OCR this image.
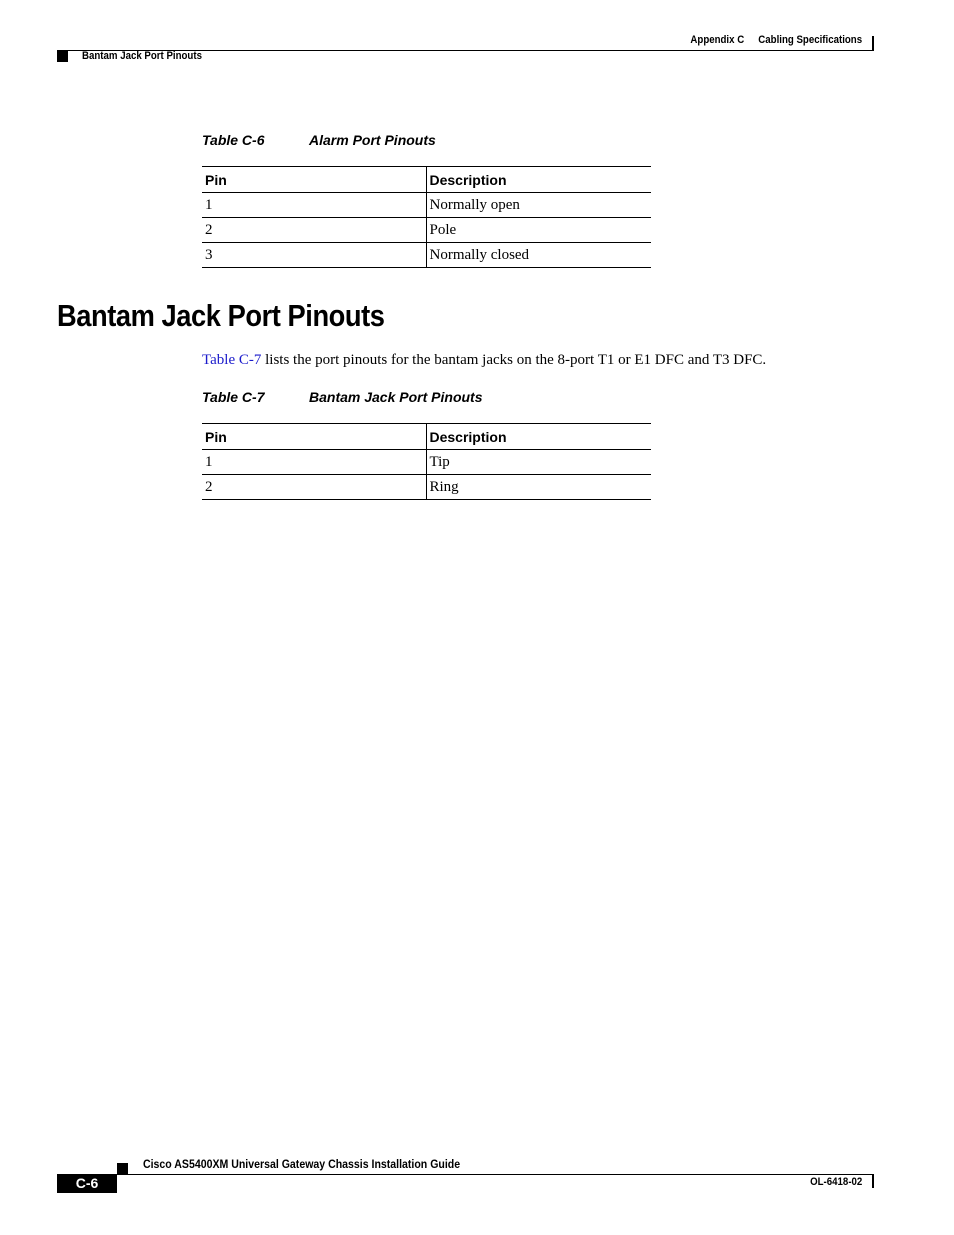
Appendix C Cabling Specifications
Bantam Jack Port Pinouts
Table C-6	Alarm Port Pinouts
Pin	Description
1	Normally open
2	Pole
3	Normally closed
Bantam Jack Port Pinouts

Table C-7 lists the port pinouts for the bantam jacks on the 8-port T1 or E1 DFC and T3 DFC.

Table C-7	Bantam Jack Port Pinouts
Pin	Description
1	Tip
2	Ring
Cisco AS5400XM Universal Gateway Chassis Installation Guide
C-6	OL-6418-02
